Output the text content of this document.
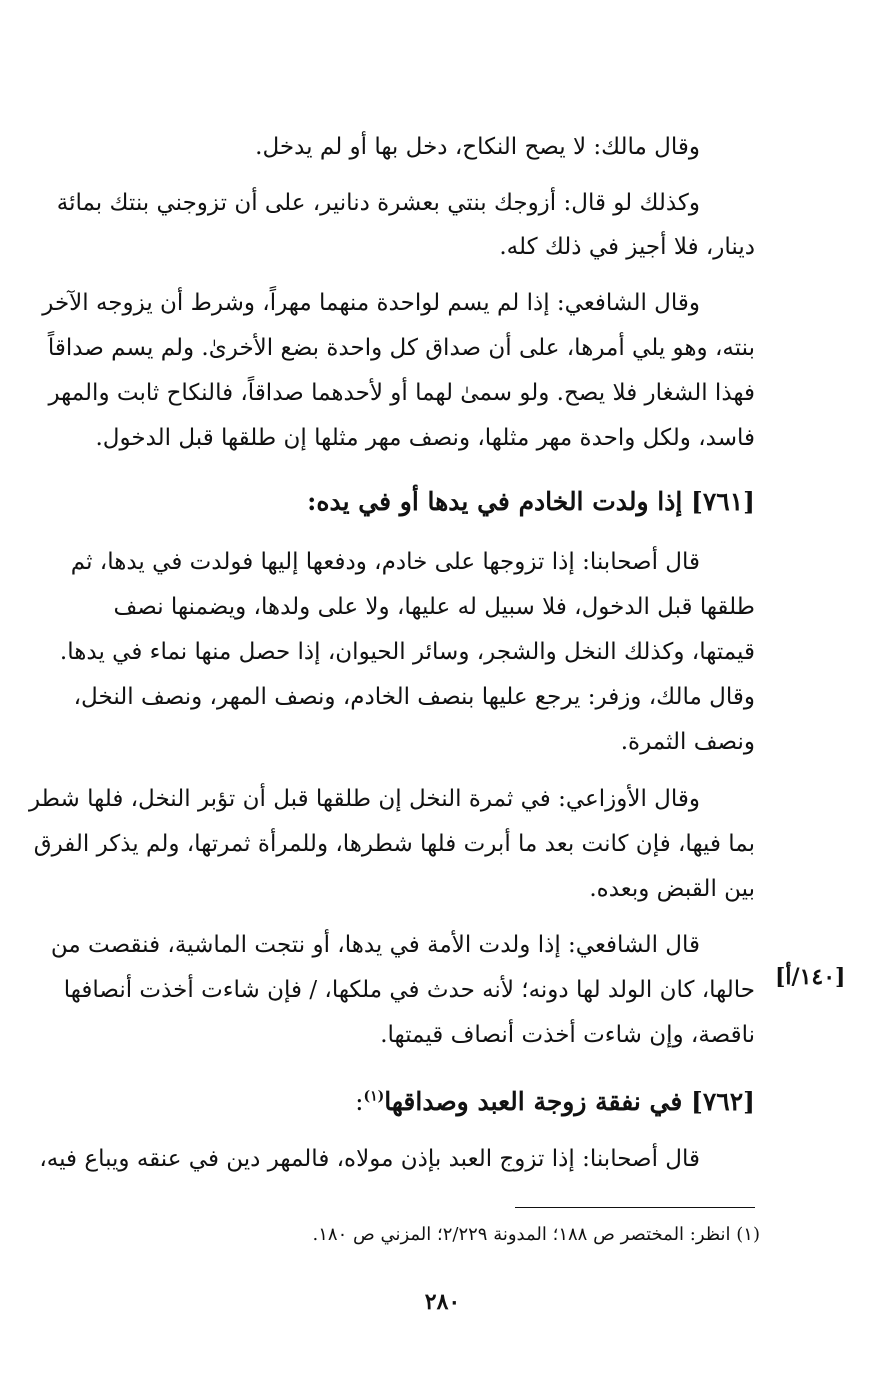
وقال مالك: لا يصح النكاح، دخل بها أو لم يدخل.
وكذلك لو قال: أزوجك بنتي بعشرة دنانير، على أن تزوجني بنتك بمائة
دينار، فلا أجيز في ذلك كله.
وقال الشافعي: إذا لم يسم لواحدة منهما مهراً، وشرط أن يزوجه الآخر
بنته، وهو يلي أمرها، على أن صداق كل واحدة بضع الأخرىٰ. ولم يسم صداقاً
فهذا الشغار فلا يصح. ولو سمىٰ لهما أو لأحدهما صداقاً، فالنكاح ثابت والمهر
فاسد، ولكل واحدة مهر مثلها، ونصف مهر مثلها إن طلقها قبل الدخول.
[٧٦١] إذا ولدت الخادم في يدها أو في يده:
قال أصحابنا: إذا تزوجها على خادم، ودفعها إليها فولدت في يدها، ثم
طلقها قبل الدخول، فلا سبيل له عليها، ولا على ولدها، ويضمنها نصف
قيمتها، وكذلك النخل والشجر، وسائر الحيوان، إذا حصل منها نماء في يدها.
وقال مالك، وزفر: يرجع عليها بنصف الخادم، ونصف المهر، ونصف النخل،
ونصف الثمرة.
وقال الأوزاعي: في ثمرة النخل إن طلقها قبل أن تؤبر النخل، فلها شطر
بما فيها، فإن كانت بعد ما أبرت فلها شطرها، وللمرأة ثمرتها، ولم يذكر الفرق
بين القبض وبعده.
قال الشافعي: إذا ولدت الأمة في يدها، أو نتجت الماشية، فنقصت من
حالها، كان الولد لها دونه؛ لأنه حدث في ملكها، / فإن شاءت أخذت أنصافها
ناقصة، وإن شاءت أخذت أنصاف قيمتها.
[٧٦٢] في نفقة زوجة العبد وصداقها$^{(١)}$:
قال أصحابنا: إذا تزوج العبد بإذن مولاه، فالمهر دين في عنقه ويباع فيه،
[١٤٠/أ]
(١) انظر: المختصر ص ١٨٨؛ المدونة ٢/٢٢٩؛ المزني ص ١٨٠.
٢٨٠
